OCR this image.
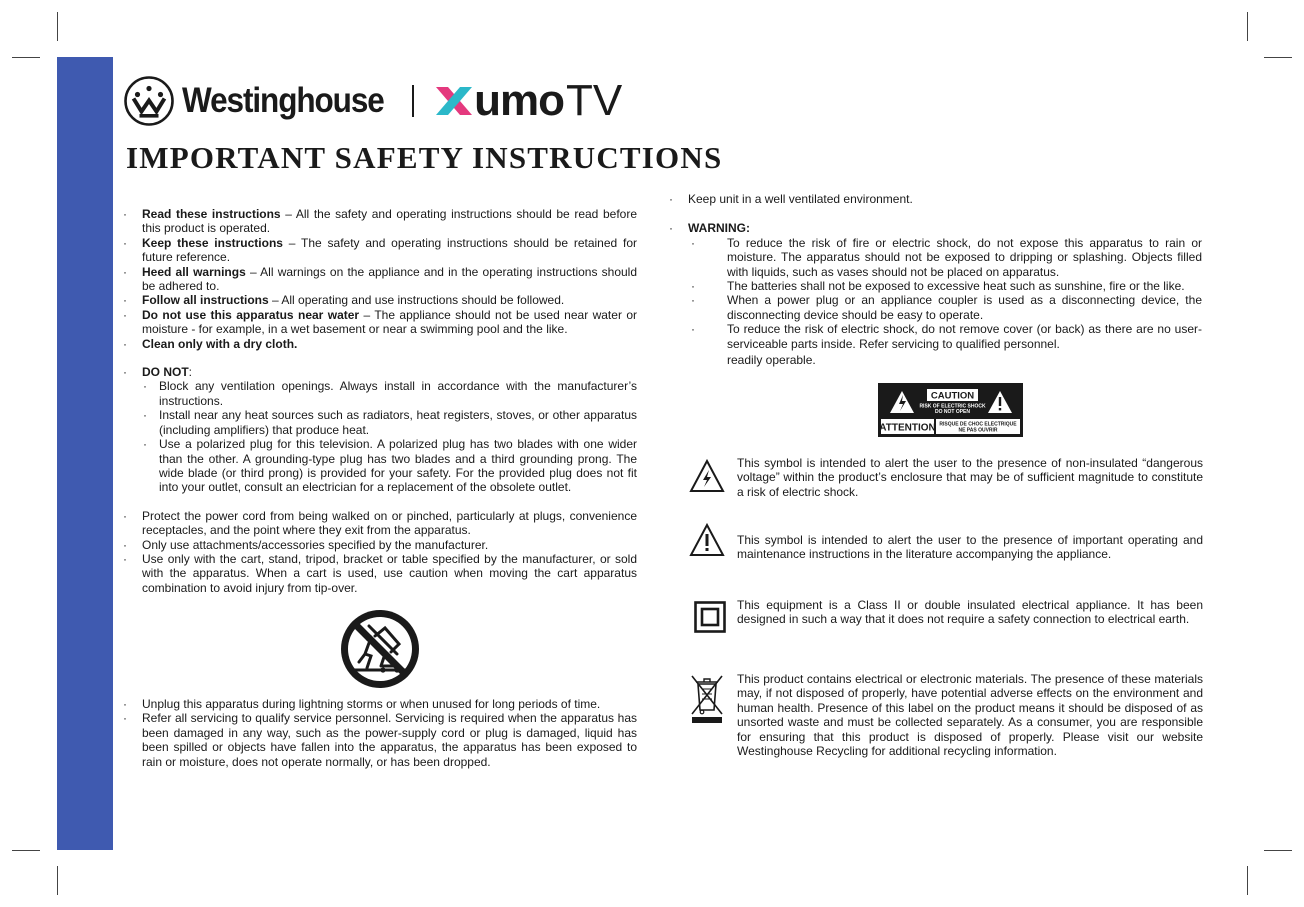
Westinghouse umo TV
IMPORTANT SAFETY INSTRUCTIONS
· Read these instructions – All the safety and operating instructions should be read before this product is operated.
· Keep these instructions – The safety and operating instructions should be retained for future reference.
· Heed all warnings – All warnings on the appliance and in the operating instructions should be adhered to.
· Follow all instructions – All operating and use instructions should be followed.
· Do not use this apparatus near water – The appliance should not be used near water or moisture - for example, in a wet basement or near a swimming pool and the like.
· Clean only with a dry cloth.
· DO NOT:
· Block any ventilation openings. Always install in accordance with the manufacturer’s instructions.
· Install near any heat sources such as radiators, heat registers, stoves, or other apparatus (including amplifiers) that produce heat.
· Use a polarized plug for this television. A polarized plug has two blades with one wider than the other. A grounding-type plug has two blades and a third grounding prong. The wide blade (or third prong) is provided for your safety. For the provided plug does not fit into your outlet, consult an electrician for a replacement of the obsolete outlet.
· Protect the power cord from being walked on or pinched, particularly at plugs, convenience receptacles, and the point where they exit from the apparatus.
· Only use attachments/accessories specified by the manufacturer.
· Use only with the cart, stand, tripod, bracket or table specified by the manufacturer, or sold with the apparatus. When a cart is used, use caution when moving the cart apparatus combination to avoid injury from tip-over.
· Unplug this apparatus during lightning storms or when unused for long periods of time.
· Refer all servicing to qualify service personnel. Servicing is required when the apparatus has been damaged in any way, such as the power-supply cord or plug is damaged, liquid has been spilled or objects have fallen into the apparatus, the apparatus has been exposed to rain or moisture, does not operate normally, or has been dropped.
· Keep unit in a well ventilated environment.
· WARNING:
· To reduce the risk of fire or electric shock, do not expose this apparatus to rain or moisture. The apparatus should not be exposed to dripping or splashing. Objects filled with liquids, such as vases should not be placed on apparatus.
· The batteries shall not be exposed to excessive heat such as sunshine, fire or the like.
· When a power plug or an appliance coupler is used as a disconnecting device, the disconnecting device should be easy to operate.
· To reduce the risk of electric shock, do not remove cover (or back) as there are no user-serviceable parts inside. Refer servicing to qualified personnel.
readily operable.
CAUTION
RISK OF ELECTRIC SHOCK
DO NOT OPEN
ATTENTION RISQUE DE CHOC ELECTRIQUE
NE PAS OUVRIR
This symbol is intended to alert the user to the presence of non-insulated “dangerous voltage” within the product’s enclosure that may be of sufficient magnitude to constitute a risk of electric shock.
This symbol is intended to alert the user to the presence of important operating and maintenance instructions in the literature accompanying the appliance.
This equipment is a Class II or double insulated electrical appliance. It has been designed in such a way that it does not require a safety connection to electrical earth.
This product contains electrical or electronic materials. The presence of these materials may, if not disposed of properly, have potential adverse effects on the environment and human health. Presence of this label on the product means it should be disposed of as unsorted waste and must be collected separately. As a consumer, you are responsible for ensuring that this product is disposed of properly. Please visit our website Westinghouse Recycling for additional recycling information.
